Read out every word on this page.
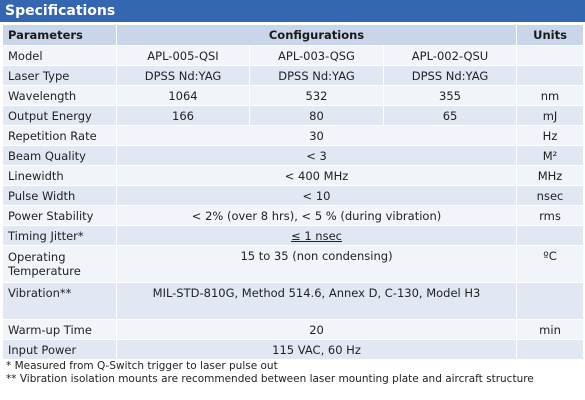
Specifications
Parameters	Configurations			Units
Model	APL-005-QSI	APL-003-QSG	APL-002-QSU	
Laser Type	DPSS Nd:YAG	DPSS Nd:YAG	DPSS Nd:YAG	
Wavelength	1064	532	355	nm
Output Energy	166	80	65	mJ
Repetition Rate	30			Hz
Beam Quality	< 3			M²
Linewidth	< 400 MHz			MHz
Pulse Width	< 10			nsec
Power Stability	< 2% (over 8 hrs), < 5 % (during vibration)			rms
Timing Jitter*	≤ 1 nsec			
Operating Temperature	15 to 35 (non condensing)			ºC
Vibration**	MIL-STD-810G, Method 514.6, Annex D, C-130, Model H3			
Warm-up Time	20			min
Input Power	115 VAC, 60 Hz			
* Measured from Q-Switch trigger to laser pulse out
** Vibration isolation mounts are recommended between laser mounting plate and aircraft structure
